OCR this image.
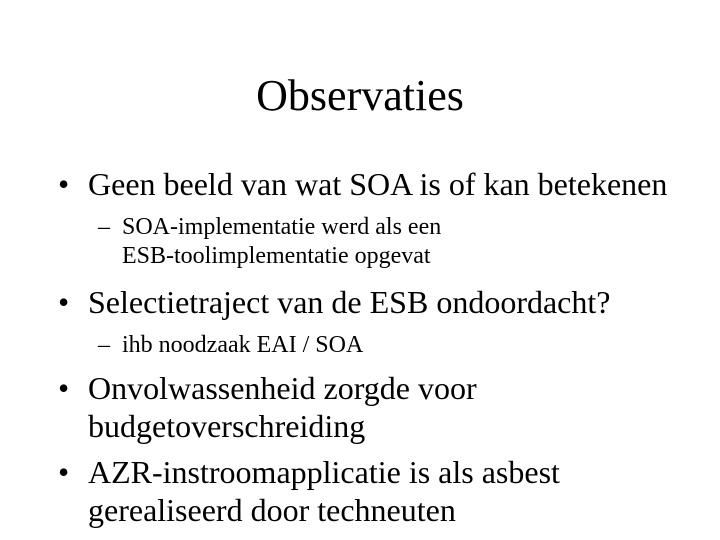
Observaties
• Geen beeld van wat SOA is of kan betekenen
– SOA-implementatie werd als een ESB-toolimplementatie opgevat
• Selectietraject van de ESB ondoordacht?
– ihb noodzaak EAI / SOA
• Onvolwassenheid zorgde voor budgetoverschreiding
• AZR-instroomapplicatie is als asbest gerealiseerd door techneuten
